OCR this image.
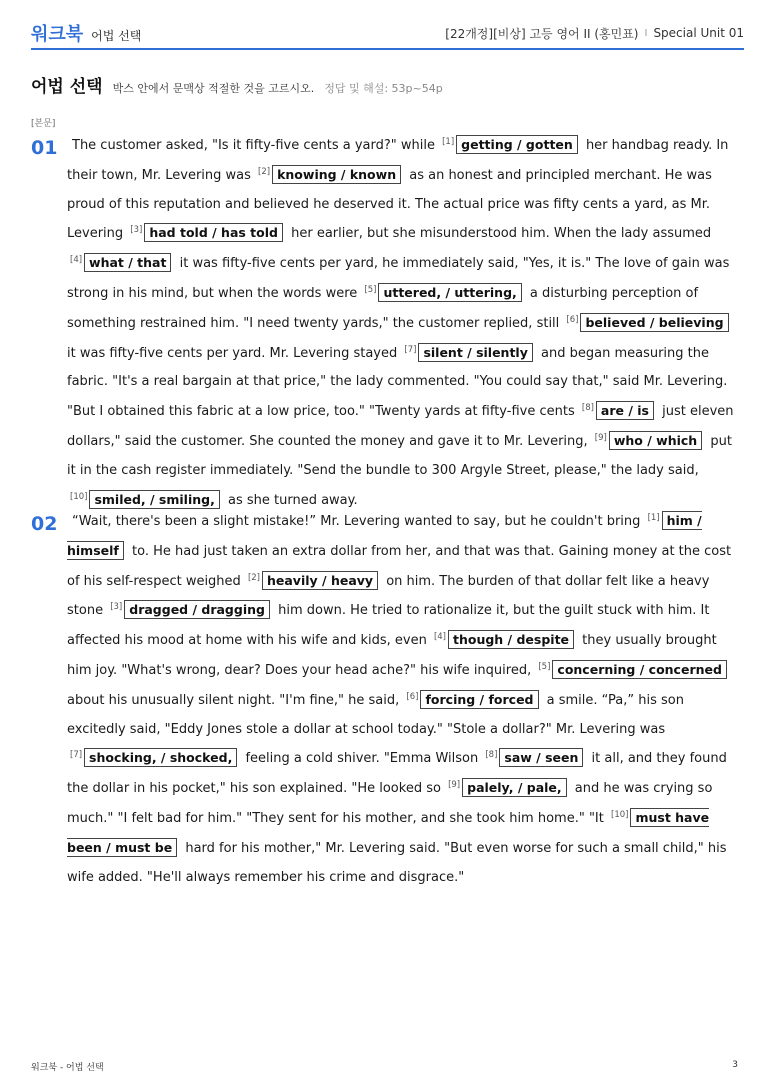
워크북 어법 선택	[22개정][비상] 고등 영어 II (홍민표) I Special Unit 01
어법 선택 박스 안에서 문맥상 적절한 것을 고르시오. 정답 및 해설: 53p~54p
[본문]
01	The customer asked, "Is it fifty-five cents a yard?" while [1] getting / gotten her handbag ready. In their town, Mr. Levering was [2] knowing / known as an honest and principled merchant. He was proud of this reputation and believed he deserved it. The actual price was fifty cents a yard, as Mr. Levering [3] had told / has told her earlier, but she misunderstood him. When the lady assumed [4] what / that it was fifty-five cents per yard, he immediately said, "Yes, it is." The love of gain was strong in his mind, but when the words were [5] uttered, / uttering, a disturbing perception of something restrained him. "I need twenty yards," the customer replied, still [6] believed / believing it was fifty-five cents per yard. Mr. Levering stayed [7] silent / silently and began measuring the fabric. "It's a real bargain at that price," the lady commented. "You could say that," said Mr. Levering. "But I obtained this fabric at a low price, too." "Twenty yards at fifty-five cents [8] are / is just eleven dollars," said the customer. She counted the money and gave it to Mr. Levering, [9] who / which put it in the cash register immediately. "Send the bundle to 300 Argyle Street, please," the lady said, [10] smiled, / smiling, as she turned away.
02	“Wait, there's been a slight mistake!” Mr. Levering wanted to say, but he couldn't bring [1] him / himself to. He had just taken an extra dollar from her, and that was that. Gaining money at the cost of his self-respect weighed [2] heavily / heavy on him. The burden of that dollar felt like a heavy stone [3] dragged / dragging him down. He tried to rationalize it, but the guilt stuck with him. It affected his mood at home with his wife and kids, even [4] though / despite they usually brought him joy. "What's wrong, dear? Does your head ache?" his wife inquired, [5] concerning / concerned about his unusually silent night. "I'm fine," he said, [6] forcing / forced a smile. “Pa,” his son excitedly said, "Eddy Jones stole a dollar at school today." "Stole a dollar?" Mr. Levering was [7] shocking, / shocked, feeling a cold shiver. "Emma Wilson [8] saw / seen it all, and they found the dollar in his pocket," his son explained. "He looked so [9] palely, / pale, and he was crying so much." "I felt bad for him." "They sent for his mother, and she took him home." "It [10] must have been / must be hard for his mother," Mr. Levering said. "But even worse for such a small child," his wife added. "He'll always remember his crime and disgrace."
워크북 - 어법 선택	3
